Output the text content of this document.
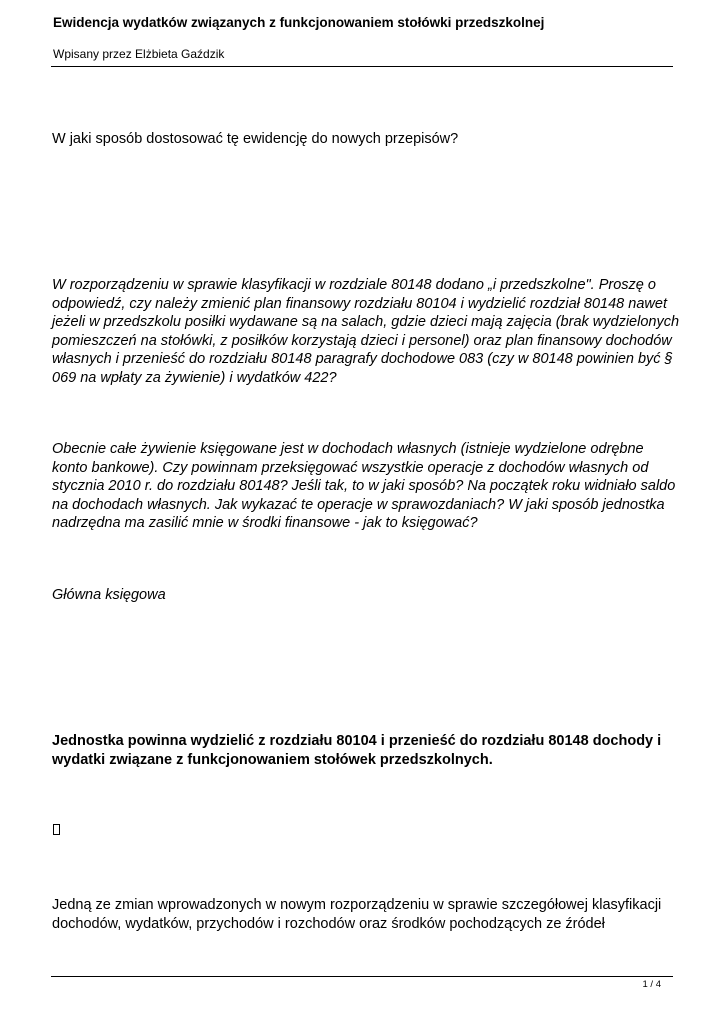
Ewidencja wydatków związanych z funkcjonowaniem stołówki przedszkolnej
Wpisany przez Elżbieta Gaździk

W jaki sposób dostosować tę ewidencję do nowych przepisów?

W rozporządzeniu w sprawie klasyfikacji w rozdziale 80148 dodano „i przedszkolne". Proszę o odpowiedź, czy należy zmienić plan finansowy rozdziału 80104 i wydzielić rozdział 80148 nawet jeżeli w przedszkolu posiłki wydawane są na salach, gdzie dzieci mają zajęcia (brak wydzielonych pomieszczeń na stołówki, z posiłków korzystają dzieci i personel) oraz plan finansowy dochodów własnych i przenieść do rozdziału 80148 paragrafy dochodowe 083 (czy w 80148 powinien być § 069 na wpłaty za żywienie) i wydatków 422?

Obecnie całe żywienie księgowane jest w dochodach własnych (istnieje wydzielone odrębne konto bankowe). Czy powinnam przeksięgować wszystkie operacje z dochodów własnych od stycznia 2010 r. do rozdziału 80148? Jeśli tak, to w jaki sposób? Na początek roku widniało saldo na dochodach własnych. Jak wykazać te operacje w sprawozdaniach? W jaki sposób jednostka nadrzędna ma zasilić mnie w środki finansowe - jak to księgować?

Główna księgowa

Jednostka powinna wydzielić z rozdziału 80104 i przenieść do rozdziału 80148 dochody i wydatki związane z funkcjonowaniem stołówek przedszkolnych.

Jedną ze zmian wprowadzonych w nowym rozporządzeniu w sprawie szczegółowej klasyfikacji dochodów, wydatków, przychodów i rozchodów oraz środków pochodzących ze źródeł

1 / 4
